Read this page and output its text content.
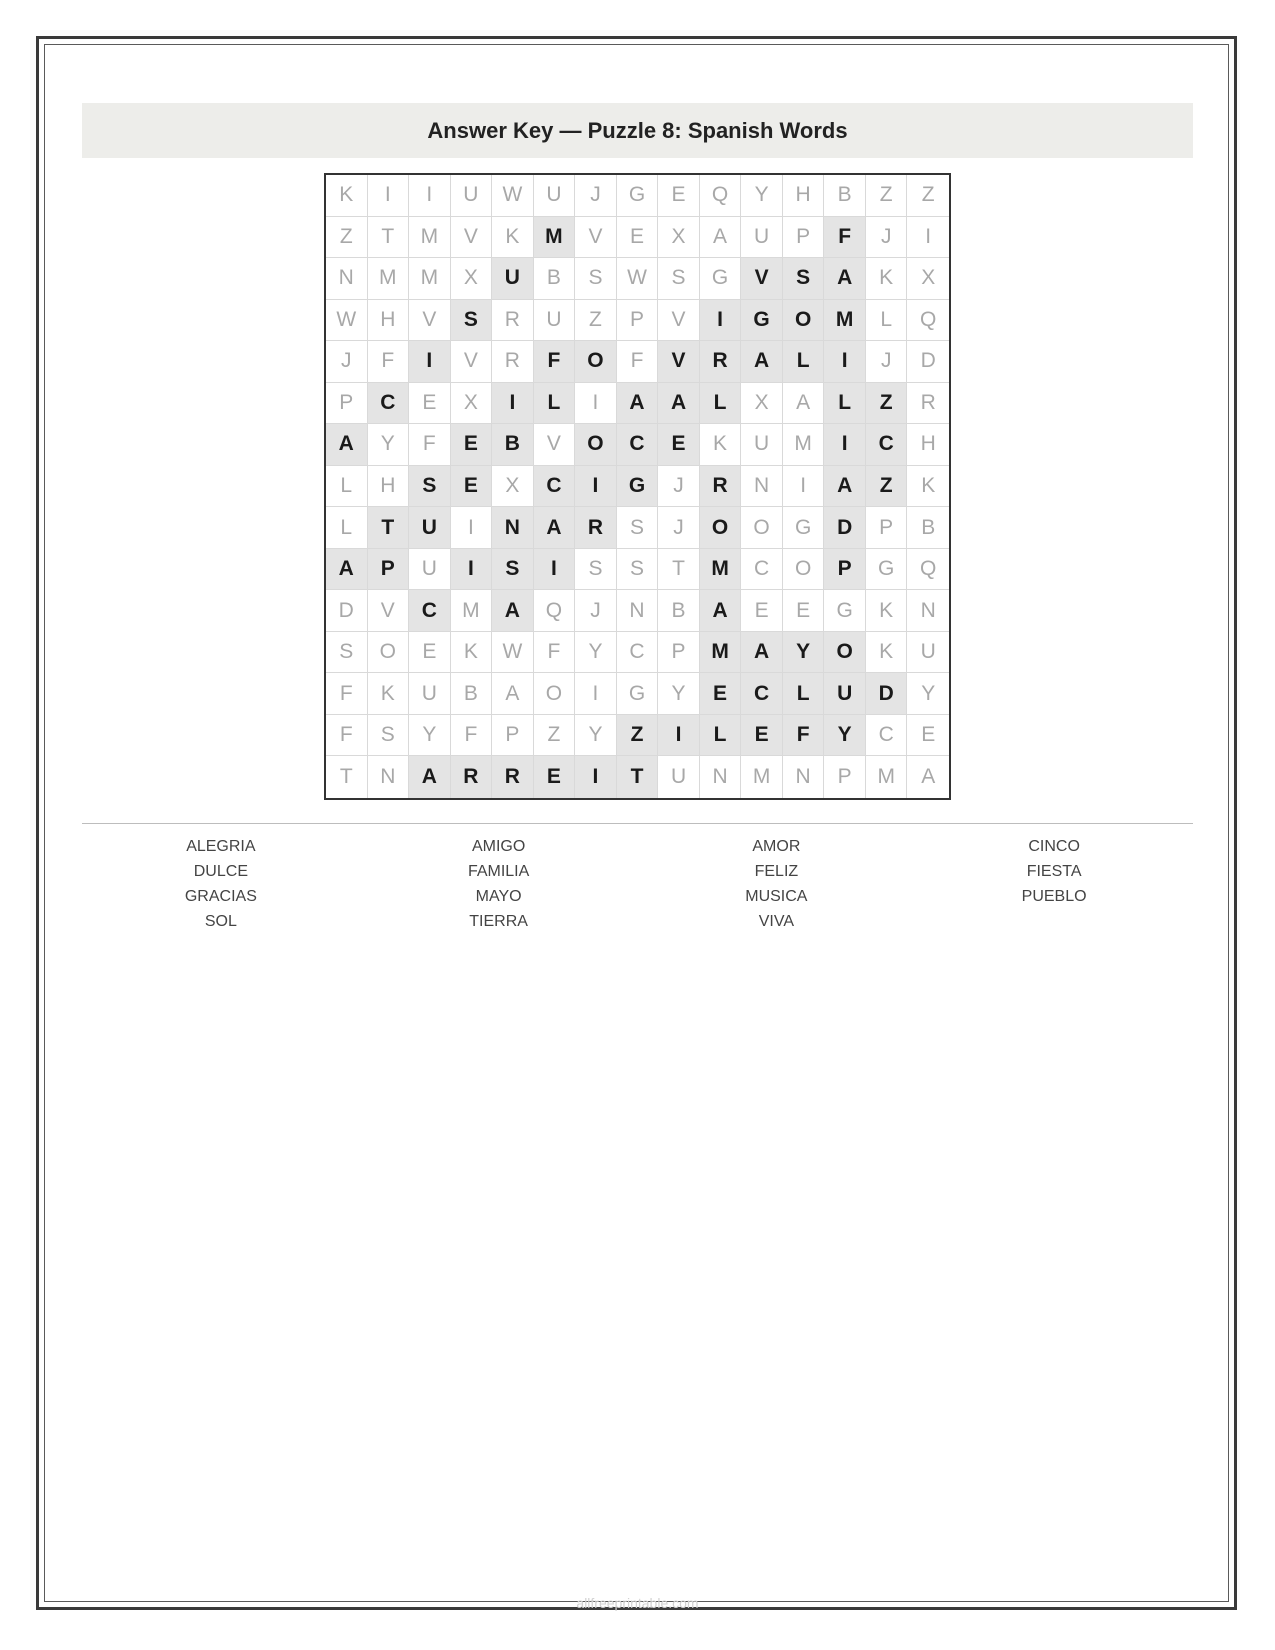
Answer Key — Puzzle 8: Spanish Words
K	I	I	U	W	U	J	G	E	Q	Y	H	B	Z	Z
Z	T	M	V	K	M	V	E	X	A	U	P	F	J	I
N	M	M	X	U	B	S	W	S	G	V	S	A	K	X
W	H	V	S	R	U	Z	P	V	I	G	O	M	L	Q
J	F	I	V	R	F	O	F	V	R	A	L	I	J	D
P	C	E	X	I	L	I	A	A	L	X	A	L	Z	R
A	Y	F	E	B	V	O	C	E	K	U	M	I	C	H
L	H	S	E	X	C	I	G	J	R	N	I	A	Z	K
L	T	U	I	N	A	R	S	J	O	O	G	D	P	B
A	P	U	I	S	I	S	S	T	M	C	O	P	G	Q
D	V	C	M	A	Q	J	N	B	A	E	E	G	K	N
S	O	E	K	W	F	Y	C	P	M	A	Y	O	K	U
F	K	U	B	A	O	I	G	Y	E	C	L	U	D	Y
F	S	Y	F	P	Z	Y	Z	I	L	E	F	Y	C	E
T	N	A	R	R	E	I	T	U	N	M	N	P	M	A
ALEGRIA	AMIGO	AMOR	CINCO
DULCE	FAMILIA	FELIZ	FIESTA
GRACIAS	MAYO	MUSICA	PUEBLO
SOL	TIERRA	VIVA
allfreeprintable.com
